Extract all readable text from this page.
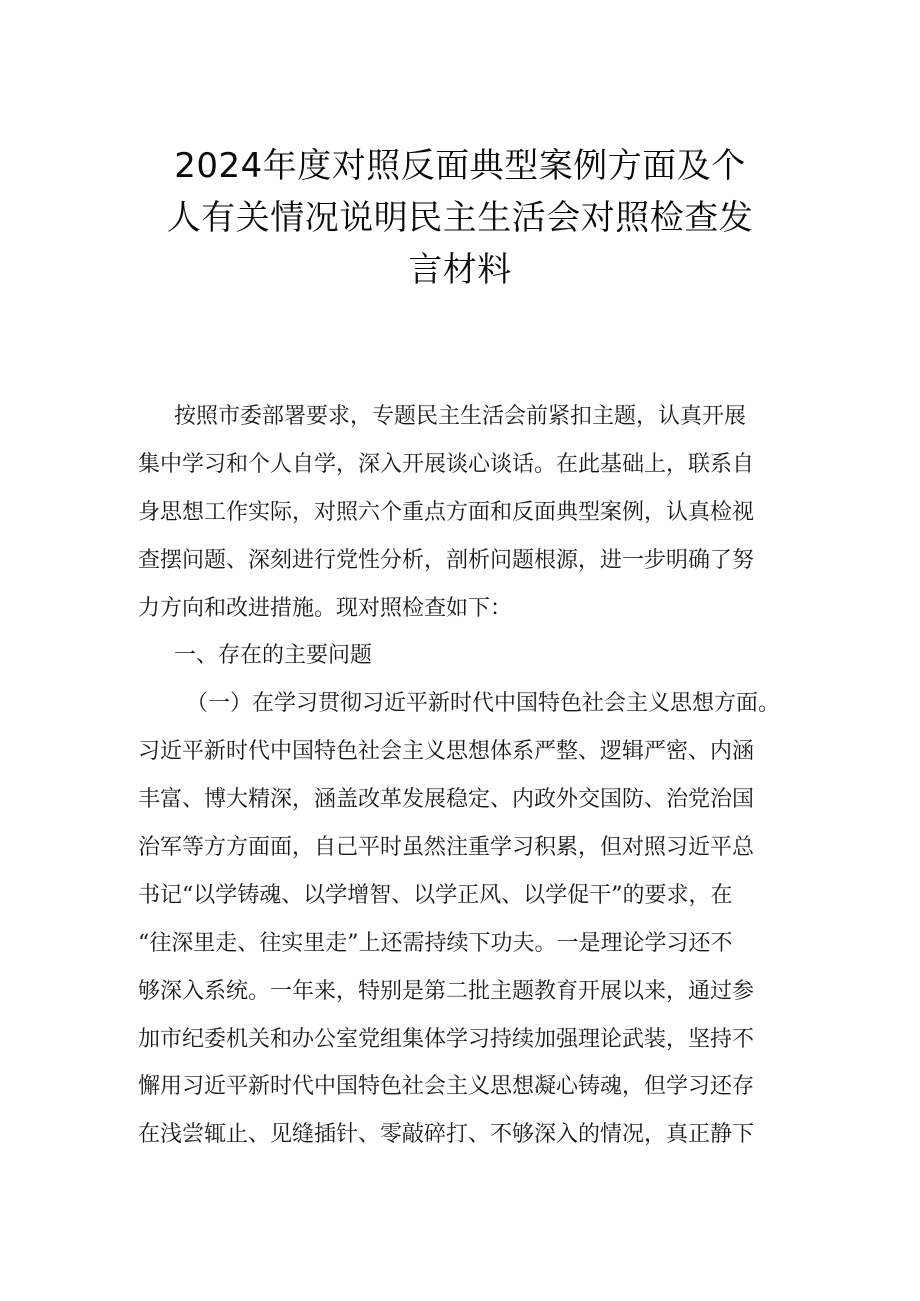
2024年度对照反面典型案例方面及个
人有关情况说明民主生活会对照检查发
言材料
按照市委部署要求，专题民主生活会前紧扣主题，认真开展
集中学习和个人自学，深入开展谈心谈话。在此基础上，联系自
身思想工作实际，对照六个重点方面和反面典型案例，认真检视
查摆问题、深刻进行党性分析，剖析问题根源，进一步明确了努
力方向和改进措施。现对照检查如下：
一、存在的主要问题
（一）在学习贯彻习近平新时代中国特色社会主义思想方面。
习近平新时代中国特色社会主义思想体系严整、逻辑严密、内涵
丰富、博大精深，涵盖改革发展稳定、内政外交国防、治党治国
治军等方方面面，自己平时虽然注重学习积累，但对照习近平总
书记“以学铸魂、以学增智、以学正风、以学促干”的要求，在
“往深里走、往实里走”上还需持续下功夫。一是理论学习还不
够深入系统。一年来，特别是第二批主题教育开展以来，通过参
加市纪委机关和办公室党组集体学习持续加强理论武装，坚持不
懈用习近平新时代中国特色社会主义思想凝心铸魂，但学习还存
在浅尝辄止、见缝插针、零敲碎打、不够深入的情况，真正静下
